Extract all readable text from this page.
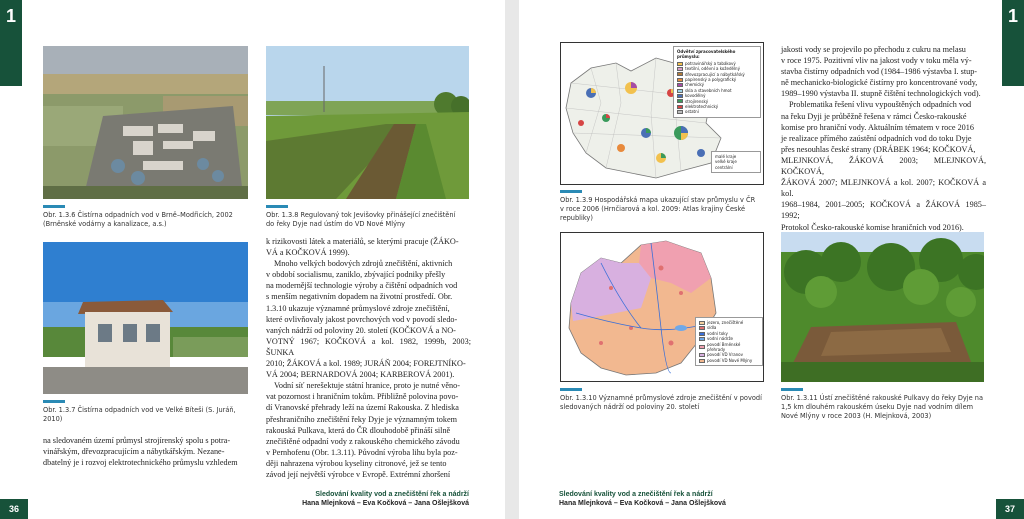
1
Obr. 1.3.6 Čistírna odpadních vod v Brně–Modřicích, 2002
(Brněnské vodárny a kanalizace, a.s.)
Obr. 1.3.8 Regulovaný tok Jevišovky přinášející znečištění
do řeky Dyje nad ústím do VD Nové Mlýny
Obr. 1.3.7 Čistírna odpadních vod ve Velké Bíteši (S. Juráň,
2010)
na sledovaném území průmysl strojírenský spolu s potra-
vinářským, dřevozpracujícím a nábytkářským. Nezane-
dbatelný je i rozvoj elektrotechnického průmyslu vzhledem
k rizikovosti látek a materiálů, se kterými pracuje (ŽÁKO-
VÁ a KOČKOVÁ 1999).
Mnoho velkých bodových zdrojů znečištění, aktivních
v období socialismu, zaniklo, zbývající podniky přešly
na modernější technologie výroby a čištění odpadních vod
s menším negativním dopadem na životní prostředí. Obr.
1.3.10 ukazuje významné průmyslové zdroje znečištění,
které ovlivňovaly jakost povrchových vod v povodí sledo-
vaných nádrží od poloviny 20. století (KOČKOVÁ a NO-
VOTNÝ 1967; KOČKOVÁ a kol. 1982, 1999b, 2003; ŠUNKA
2010; ŽÁKOVÁ a kol. 1989; JURÁŇ 2004; FOREJTNÍKO-
VÁ 2004; BERNARDOVÁ 2004; KARBEROVÁ 2001).
Vodní síť nerešektuje státní hranice, proto je nutné věno-
vat pozornost i hraničním tokům. Přibližně polovina povo-
dí Vranovské přehrady leží na území Rakouska. Z hlediska
přeshraničního znečištění řeky Dyje je významným tokem
rakouská Pulkava, která do ČR dlouhodobě přináší silně
znečištěné odpadní vody z rakouského chemického závodu
v Pernhofenu (Obr. 1.3.11). Původní výroba lihu byla poz-
ději nahrazena výrobou kyseliny citronové, jež se tento
závod její největší výrobce v Evropě. Extrémní zhoršení
Sledování kvality vod a znečištění řek a nádrží
Hana Mlejnková – Eva Kočková – Jana Ošlejšková
36
1
Odvětví zpracovatelského průmyslu:
potravinářský a tabákový
textilní, oděvní a kožedělný
dřevozpracující a nábytkářský
papírenský a polygrafický
chemický
skla a stavebních hmot
kovodělný
strojírenský
elektrotechnický
ostatní
malé kraje
velké kraje
centrální
Obr. 1.3.9 Hospodářská mapa ukazující stav průmyslu v ČR
v roce 2006 (Hrnčiarová a kol. 2009: Atlas krajiny České
republiky)
jezero, znečištěné
sídla
vodní toky
vodní nádrže
povodí Brněnské přehrady
povodí VD Vranov
povodí VD Nové Mlýny
Obr. 1.3.10 Významné průmyslové zdroje znečištění v povodí
sledovaných nádrží od poloviny 20. století
jakosti vody se projevilo po přechodu z cukru na melasu
v roce 1975. Pozitivní vliv na jakost vody v toku měla vý-
stavba čistírny odpadních vod (1984–1986 výstavba I. stup-
ně mechanicko-biologické čistírny pro koncentrované vody,
1989–1990 výstavba II. stupně čištění technologických vod).
Problematika řešení vlivu vypouštěných odpadních vod
na řeku Dyji je průběžně řešena v rámci Česko-rakouské
komise pro hraniční vody. Aktuálním tématem v roce 2016
je realizace přímého zaústění odpadních vod do toku Dyje
přes nesouhlas české strany (DRÁBEK 1964; KOČKOVÁ,
MLEJNKOVÁ, ŽÁKOVÁ 2003; MLEJNKOVÁ, KOČKOVÁ,
ŽÁKOVÁ 2007; MLEJNKOVÁ a kol. 2007; KOČKOVÁ a kol.
1968–1984, 2001–2005; KOČKOVÁ a ŽÁKOVÁ 1985–1992;
Protokol Česko-rakouské komise hraničních vod 2016).
Obr. 1.3.11 Ústí znečištěné rakouské Pulkavy do řeky Dyje na
1,5 km dlouhém rakouském úseku Dyje nad vodním dílem
Nové Mlýny v roce 2003 (H. Mlejnková, 2003)
Sledování kvality vod a znečištění řek a nádrží
Hana Mlejnková – Eva Kočková – Jana Ošlejšková
37
